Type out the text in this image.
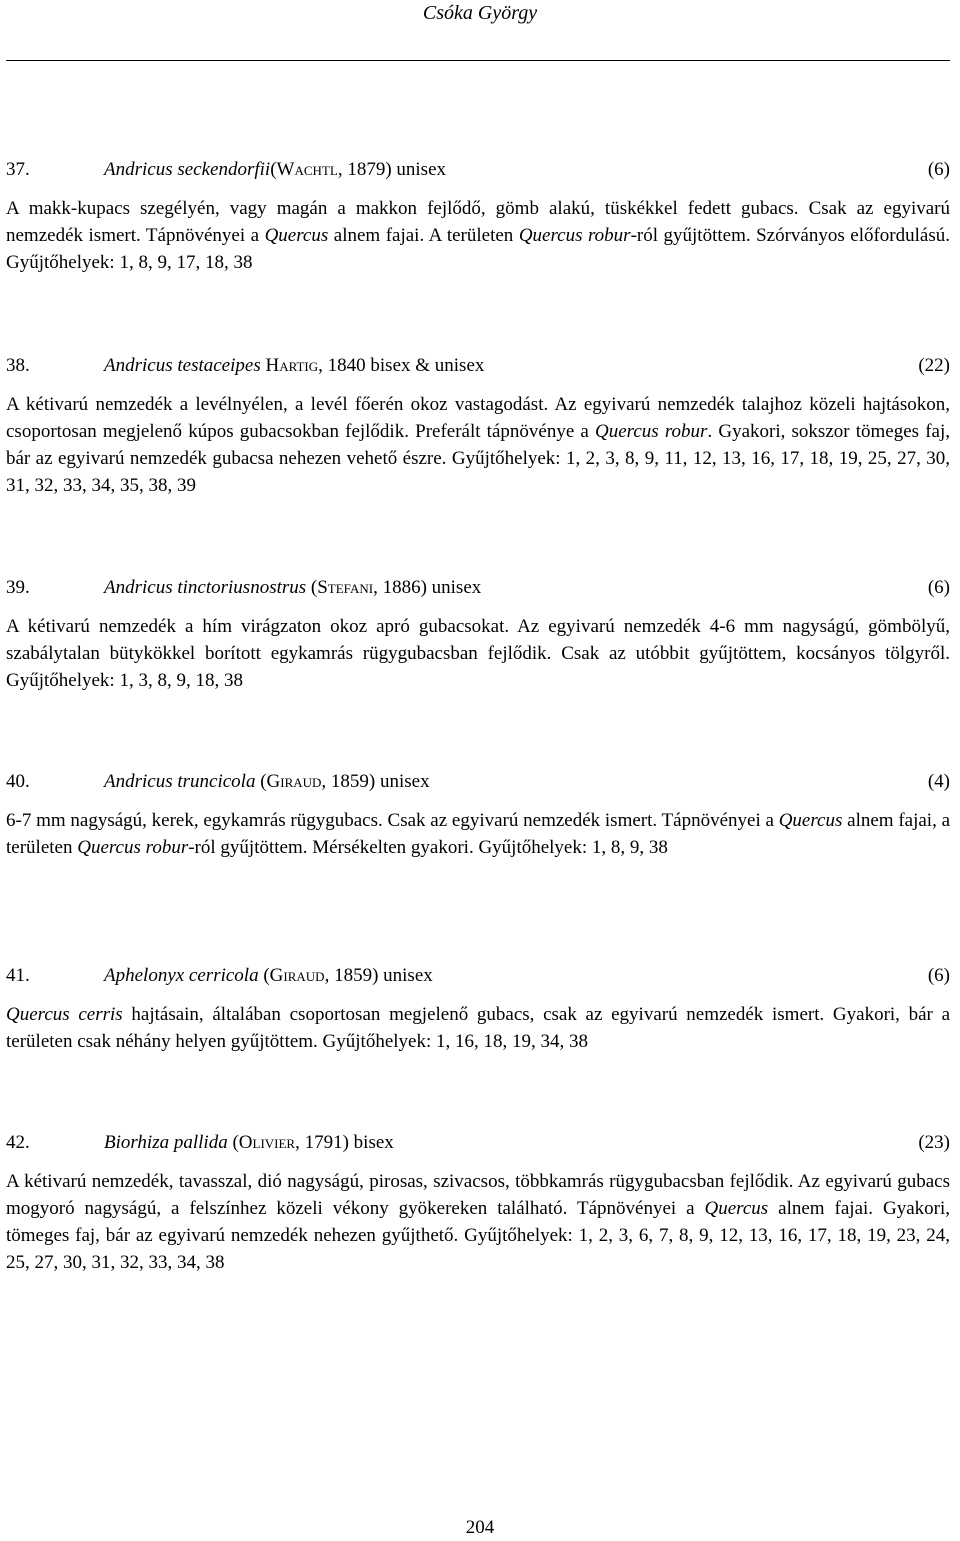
Csóka György
37.	Andricus seckendorfii(Wachtl, 1879) unisex	(6)
A makk-kupacs szegélyén, vagy magán a makkon fejlődő, gömb alakú, tüskékkel fedett gubacs. Csak az egyivarú nemzedék ismert. Tápnövényei a Quercus alnem fajai. A területen Quercus robur-ról gyűjtöttem. Szórványos előfordulású. Gyűjtőhelyek: 1, 8, 9, 17, 18, 38
38.	Andricus testaceipes Hartig, 1840 bisex & unisex	(22)
A kétivarú nemzedék a levélnyélen, a levél főerén okoz vastagodást. Az egyivarú nemzedék talajhoz közeli hajtásokon, csoportosan megjelenő kúpos gubacsokban fejlődik. Preferált tápnövénye a Quercus robur. Gyakori, sokszor tömeges faj, bár az egyivarú nemzedék gubacsa nehezen vehető észre. Gyűjtőhelyek: 1, 2, 3, 8, 9, 11, 12, 13, 16, 17, 18, 19, 25, 27, 30, 31, 32, 33, 34, 35, 38, 39
39.	Andricus tinctoriusnostrus (Stefani, 1886) unisex	(6)
A kétivarú nemzedék a hím virágzaton okoz apró gubacsokat. Az egyivarú nemzedék 4-6 mm nagyságú, gömbölyű, szabálytalan bütykökkel borított egykamrás rügygubacsban fejlődik. Csak az utóbbit gyűjtöttem, kocsányos tölgyről. Gyűjtőhelyek: 1, 3, 8, 9, 18, 38
40.	Andricus truncicola (Giraud, 1859) unisex	(4)
6-7 mm nagyságú, kerek, egykamrás rügygubacs. Csak az egyivarú nemzedék ismert. Tápnövényei a Quercus alnem fajai, a területen Quercus robur-ról gyűjtöttem. Mérsékelten gyakori. Gyűjtőhelyek: 1, 8, 9, 38
41.	Aphelonyx cerricola (Giraud, 1859) unisex	(6)
Quercus cerris hajtásain, általában csoportosan megjelenő gubacs, csak az egyivarú nemzedék ismert. Gyakori, bár a területen csak néhány helyen gyűjtöttem. Gyűjtőhelyek: 1, 16, 18, 19, 34, 38
42.	Biorhiza pallida (Olivier, 1791) bisex	(23)
A kétivarú nemzedék, tavasszal, dió nagyságú, pirosas, szivacsos, többkamrás rügygubacsban fejlődik. Az egyivarú gubacs mogyoró nagyságú, a felszínhez közeli vékony gyökereken található. Tápnövényei a Quercus alnem fajai. Gyakori, tömeges faj, bár az egyivarú nemzedék nehezen gyűjthető. Gyűjtőhelyek: 1, 2, 3, 6, 7, 8, 9, 12, 13, 16, 17, 18, 19, 23, 24, 25, 27, 30, 31, 32, 33, 34, 38
204
